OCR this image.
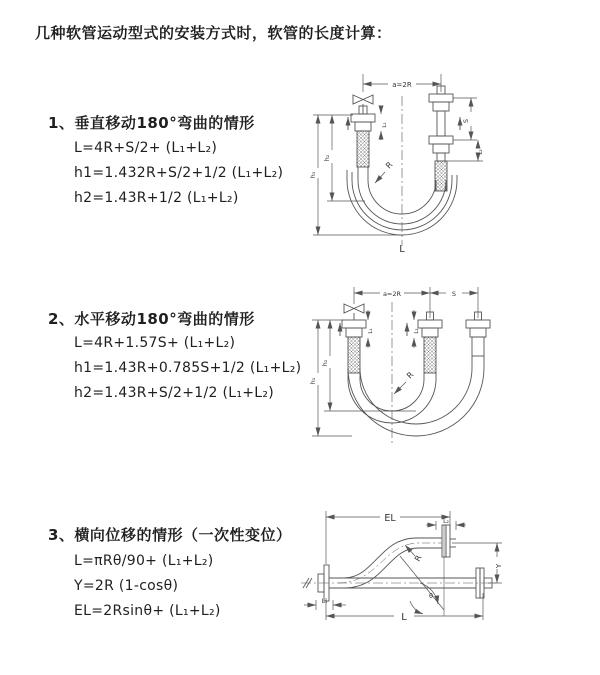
几种软管运动型式的安装方式时，软管的长度计算：
1、垂直移动180°弯曲的情形
L=4R+S/2+ (L₁+L₂)
h1=1.432R+S/2+1/2 (L₁+L₂)
h2=1.43R+1/2 (L₁+L₂)
2、水平移动180°弯曲的情形
L=4R+1.57S+ (L₁+L₂)
h1=1.43R+0.785S+1/2 (L₁+L₂)
h2=1.43R+S/2+1/2 (L₁+L₂)
3、横向位移的情形（一次性变位）
L=πRθ/90+ (L₁+L₂)
Y=2R (1-cosθ)
EL=2Rsinθ+ (L₁+L₂)
a=2R
R
h₁
h₂
L₁
S
L₂
L
a=2R	S
R
h₁
h₂
L₁	L₂
EL	L₂
Y
R
θ
L
L₁
